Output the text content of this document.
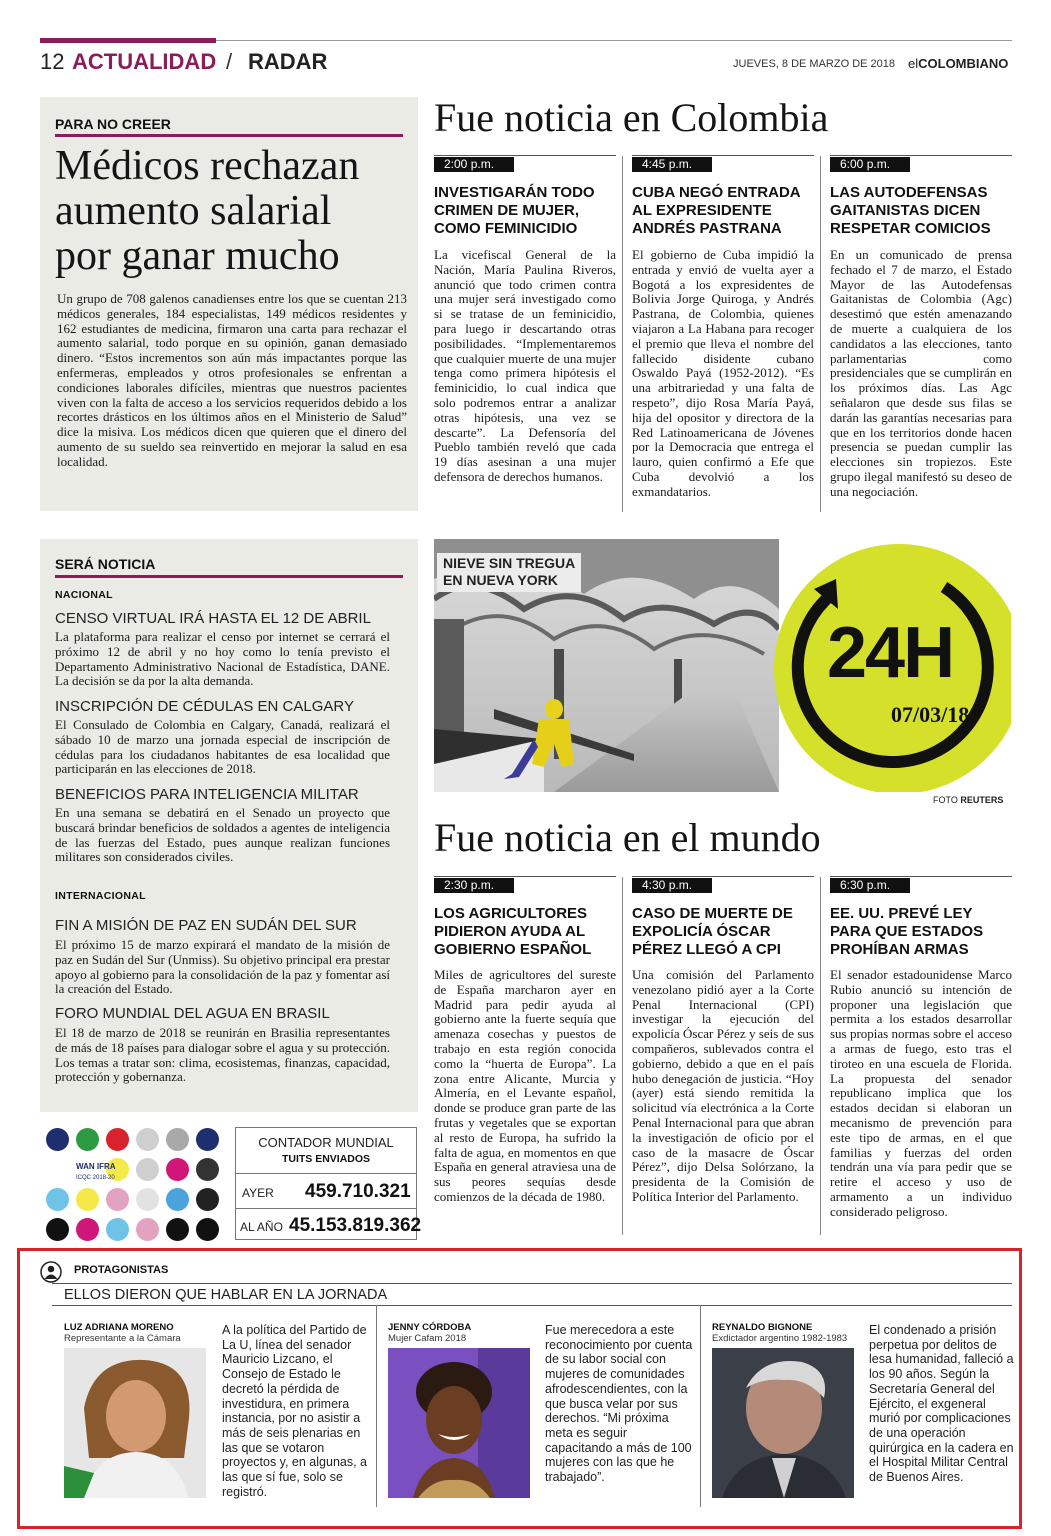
12 ACTUALIDAD / RADAR	JUEVES, 8 DE MARZO DE 2018 elCOLOMBIANO
PARA NO CREER
Médicos rechazan
aumento salarial
por ganar mucho
Un grupo de 708 galenos canadienses entre los que se cuentan 213 médicos generales, 184 especialistas, 149 médicos residentes y 162 estudiantes de medicina, firmaron una carta para rechazar el aumento salarial, todo porque en su opinión, ganan demasiado dinero. “Estos incrementos son aún más impactantes porque las enfermeras, empleados y otros profesionales se enfrentan a condiciones laborales difíciles, mientras que nuestros pacientes viven con la falta de acceso a los servicios requeridos debido a los recortes drásticos en los últimos años en el Ministerio de Salud” dice la misiva. Los médicos dicen que quieren que el dinero del aumento de su sueldo sea reinvertido en mejorar la salud en esa localidad.
Fue noticia en Colombia
2:00 p.m.	4:45 p.m.	6:00 p.m.
INVESTIGARÁN TODO
CRIMEN DE MUJER,
COMO FEMINICIDIO
CUBA NEGÓ ENTRADA
AL EXPRESIDENTE
ANDRÉS PASTRANA
LAS AUTODEFENSAS
GAITANISTAS DICEN
RESPETAR COMICIOS
La vicefiscal General de la Nación, María Paulina Riveros, anunció que todo crimen contra una mujer será investigado como si se tratase de un feminicidio, para luego ir descartando otras posibilidades. “Implementaremos que cualquier muerte de una mujer tenga como primera hipótesis el feminicidio, lo cual indica que solo podremos entrar a analizar otras hipótesis, una vez se descarte”. La Defensoría del Pueblo también reveló que cada 19 días asesinan a una mujer defensora de derechos humanos.
El gobierno de Cuba impidió la entrada y envió de vuelta ayer a Bogotá a los expresidentes de Bolivia Jorge Quiroga, y Andrés Pastrana, de Colombia, quienes viajaron a La Habana para recoger el premio que lleva el nombre del fallecido disidente cubano Oswaldo Payá (1952-2012). “Es una arbitrariedad y una falta de respeto”, dijo Rosa María Payá, hija del opositor y directora de la Red Latinoamericana de Jóvenes por la Democracia que entrega el lauro, quien confirmó a Efe que Cuba devolvió a los exmandatarios.
En un comunicado de prensa fechado el 7 de marzo, el Estado Mayor de las Autodefensas Gaitanistas de Colombia (Agc) desestimó que estén amenazando de muerte a cualquiera de los candidatos a las elecciones, tanto parlamentarias como presidenciales que se cumplirán en los próximos días. Las Agc señalaron que desde sus filas se darán las garantías necesarias para que en los territorios donde hacen presencia se puedan cumplir las elecciones sin tropiezos. Este grupo ilegal manifestó su deseo de una negociación.
SERÁ NOTICIA
NACIONAL
CENSO VIRTUAL IRÁ HASTA EL 12 DE ABRIL
La plataforma para realizar el censo por internet se cerrará el próximo 12 de abril y no hoy como lo tenía previsto el Departamento Administrativo Nacional de Estadística, DANE. La decisión se da por la alta demanda.
INSCRIPCIÓN DE CÉDULAS EN CALGARY
El Consulado de Colombia en Calgary, Canadá, realizará el sábado 10 de marzo una jornada especial de inscripción de cédulas para los ciudadanos habitantes de esa localidad que participarán en las elecciones de 2018.
BENEFICIOS PARA INTELIGENCIA MILITAR
En una semana se debatirá en el Senado un proyecto que buscará brindar beneficios de soldados a agentes de inteligencia de las fuerzas del Estado, pues aunque realizan funciones militares son considerados civiles.
INTERNACIONAL
FIN A MISIÓN DE PAZ EN SUDÁN DEL SUR
El próximo 15 de marzo expirará el mandato de la misión de paz en Sudán del Sur (Unmiss). Su objetivo principal era prestar apoyo al gobierno para la consolidación de la paz y fomentar así la creación del Estado.
FORO MUNDIAL DEL AGUA EN BRASIL
El 18 de marzo de 2018 se reunirán en Brasilia representantes de más de 18 países para dialogar sobre el agua y su protección. Los temas a tratar son: clima, ecosistemas, finanzas, capacidad, protección y gobernanza.
24H
07/03/18
NIEVE SIN TREGUA
EN NUEVA YORK
FOTO REUTERS
Fue noticia en el mundo
2:30 p.m.	4:30 p.m.	6:30 p.m.
LOS AGRICULTORES
PIDIERON AYUDA AL
GOBIERNO ESPAÑOL
CASO DE MUERTE DE
EXPOLICÍA ÓSCAR
PÉREZ LLEGÓ A CPI
EE. UU. PREVÉ LEY
PARA QUE ESTADOS
PROHÍBAN ARMAS
Miles de agricultores del sureste de España marcharon ayer en Madrid para pedir ayuda al gobierno ante la fuerte sequía que amenaza cosechas y puestos de trabajo en esta región conocida como la “huerta de Europa”. La zona entre Alicante, Murcia y Almería, en el Levante español, donde se produce gran parte de las frutas y vegetales que se exportan al resto de Europa, ha sufrido la falta de agua, en momentos en que España en general atraviesa una de sus peores sequías desde comienzos de la década de 1980.
Una comisión del Parlamento venezolano pidió ayer a la Corte Penal Internacional (CPI) investigar la ejecución del expolicía Óscar Pérez y seis de sus compañeros, sublevados contra el gobierno, debido a que en el país hubo denegación de justicia. “Hoy (ayer) está siendo remitida la solicitud vía electrónica a la Corte Penal Internacional para que abran la investigación de oficio por el caso de la masacre de Óscar Pérez”, dijo Delsa Solórzano, la presidenta de la Comisión de Política Interior del Parlamento.
El senador estadounidense Marco Rubio anunció su intención de proponer una legislación que permita a los estados desarrollar sus propias normas sobre el acceso a armas de fuego, esto tras el tiroteo en una escuela de Florida. La propuesta del senador republicano implica que los estados decidan si elaboran un mecanismo de prevención para este tipo de armas, en el que familias y fuerzas del orden tendrán una vía para pedir que se retire el acceso y uso de armamento a un individuo considerado peligroso.
WAN IFRA
ICQC 2018-20
CONTADOR MUNDIAL
TUITS ENVIADOS
AYER 459.710.321
AL AÑO 45.153.819.362
PROTAGONISTAS
ELLOS DIERON QUE HABLAR EN LA JORNADA
LUZ ADRIANA MORENO
Representante a la Cámara
A la política del Partido de La U, línea del senador Mauricio Lizcano, el Consejo de Estado le decretó la pérdida de investidura, en primera instancia, por no asistir a más de seis plenarias en las que se votaron proyectos y, en algunas, a las que sí fue, solo se registró.
JENNY CÓRDOBA
Mujer Cafam 2018
Fue merecedora a este reconocimiento por cuenta de su labor social con mujeres de comunidades afrodescendientes, con la que busca velar por sus derechos. “Mi próxima meta es seguir capacitando a más de 100 mujeres con las que he trabajado”.
REYNALDO BIGNONE
Exdictador argentino 1982-1983
El condenado a prisión perpetua por delitos de lesa humanidad, falleció a los 90 años. Según la Secretaría General del Ejército, el exgeneral murió por complicaciones de una operación quirúrgica en la cadera en el Hospital Militar Central de Buenos Aires.
